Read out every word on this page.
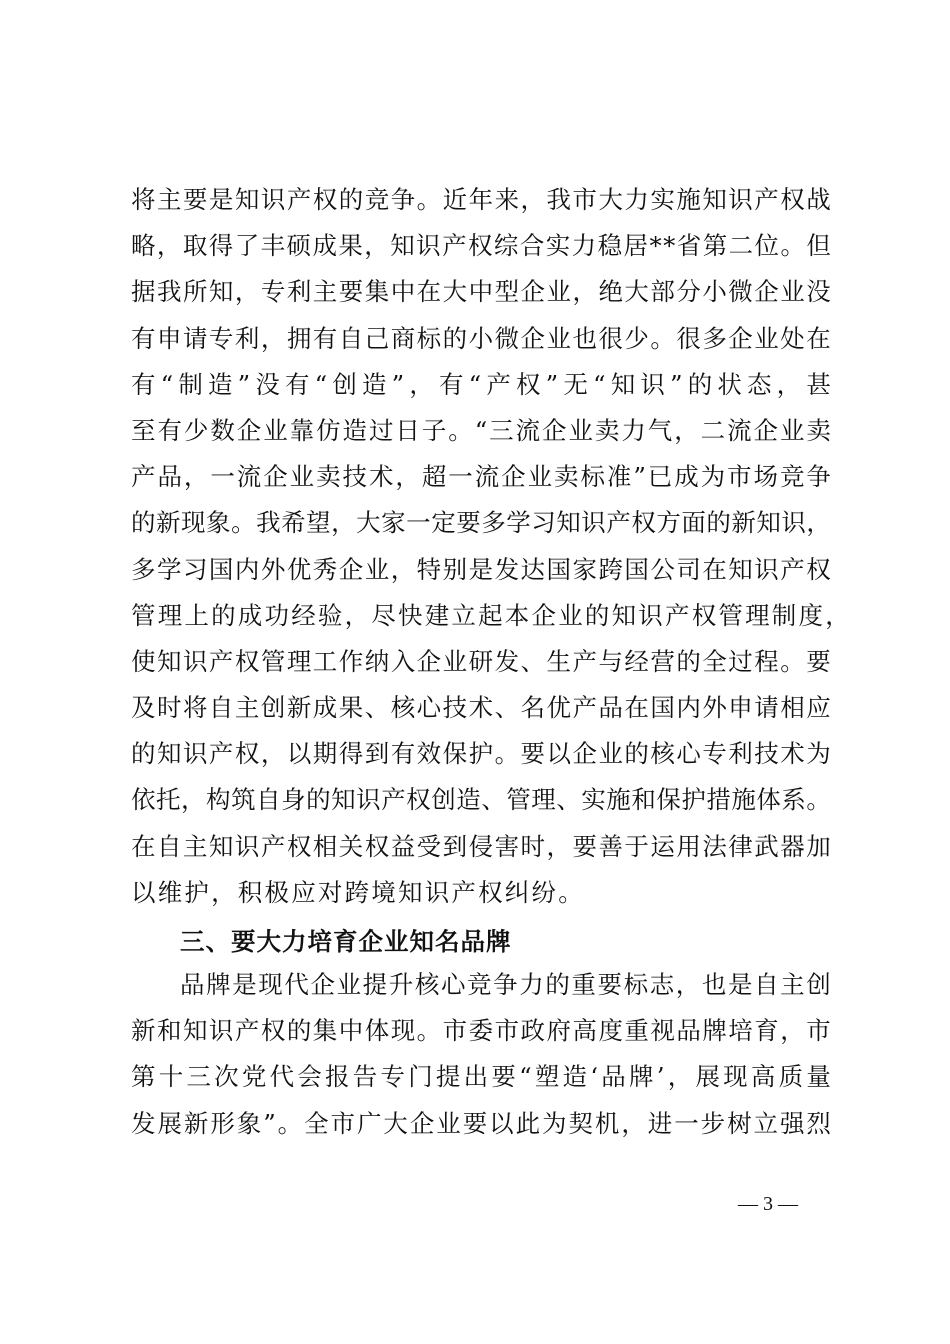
将 主 要 是 知 识 产 权 的 竞 争 。 近 年 来 ， 我 市 大 力 实 施 知 识 产 权 战
略 ， 取 得 了 丰 硕 成 果 ， 知 识 产 权 综 合 实 力 稳 居 * * 省 第 二 位 。 但
据 我 所 知 ， 专 利 主 要 集 中 在 大 中 型 企 业 ， 绝 大 部 分 小 微 企 业 没
有 申 请 专 利 ， 拥 有 自 己 商 标 的 小 微 企 业 也 很 少 。 很 多 企 业 处 在
有 “ 制 造 ” 没 有 “ 创 造 ” ， 有 “ 产 权 ” 无 “ 知 识 ” 的 状 态 ， 甚
至 有 少 数 企 业 靠 仿 造 过 日 子 。 “ 三 流 企 业 卖 力 气 ， 二 流 企 业 卖
产 品 ， 一 流 企 业 卖 技 术 ， 超 一 流 企 业 卖 标 准 ” 已 成 为 市 场 竞 争
的 新 现 象 。 我 希 望 ， 大 家 一 定 要 多 学 习 知 识 产 权 方 面 的 新 知 识 ，
多 学 习 国 内 外 优 秀 企 业 ， 特 别 是 发 达 国 家 跨 国 公 司 在 知 识 产 权
管理上的成功经验，尽快建立起本企业的知识产权管理制度，
使 知 识 产 权 管 理 工 作 纳 入 企 业 研 发 、 生 产 与 经 营 的 全 过 程 。 要
及 时 将 自 主 创 新 成 果 、 核 心 技 术 、 名 优 产 品 在 国 内 外 申 请 相 应
的 知 识 产 权 ， 以 期 得 到 有 效 保 护 。 要 以 企 业 的 核 心 专 利 技 术 为
依 托 ， 构 筑 自 身 的 知 识 产 权 创 造 、 管 理 、 实 施 和 保 护 措 施 体 系 。
在 自 主 知 识 产 权 相 关 权 益 受 到 侵 害 时 ， 要 善 于 运 用 法 律 武 器 加
以维护，积极应对跨境知识产权纠纷。
三、要大力培育企业知名品牌
品 牌 是 现 代 企 业 提 升 核 心 竞 争 力 的 重 要 标 志 ， 也 是 自 主 创
新 和 知 识 产 权 的 集 中 体 现 。 市 委 市 政 府 高 度 重 视 品 牌 培 育 ， 市
第 十 三 次 党 代 会 报 告 专 门 提 出 要 “ 塑 造 ‘ 品 牌 ’ ， 展 现 高 质 量
发 展 新 形 象 ” 。 全 市 广 大 企 业 要 以 此 为 契 机 ， 进 一 步 树 立 强 烈
— 3 —
